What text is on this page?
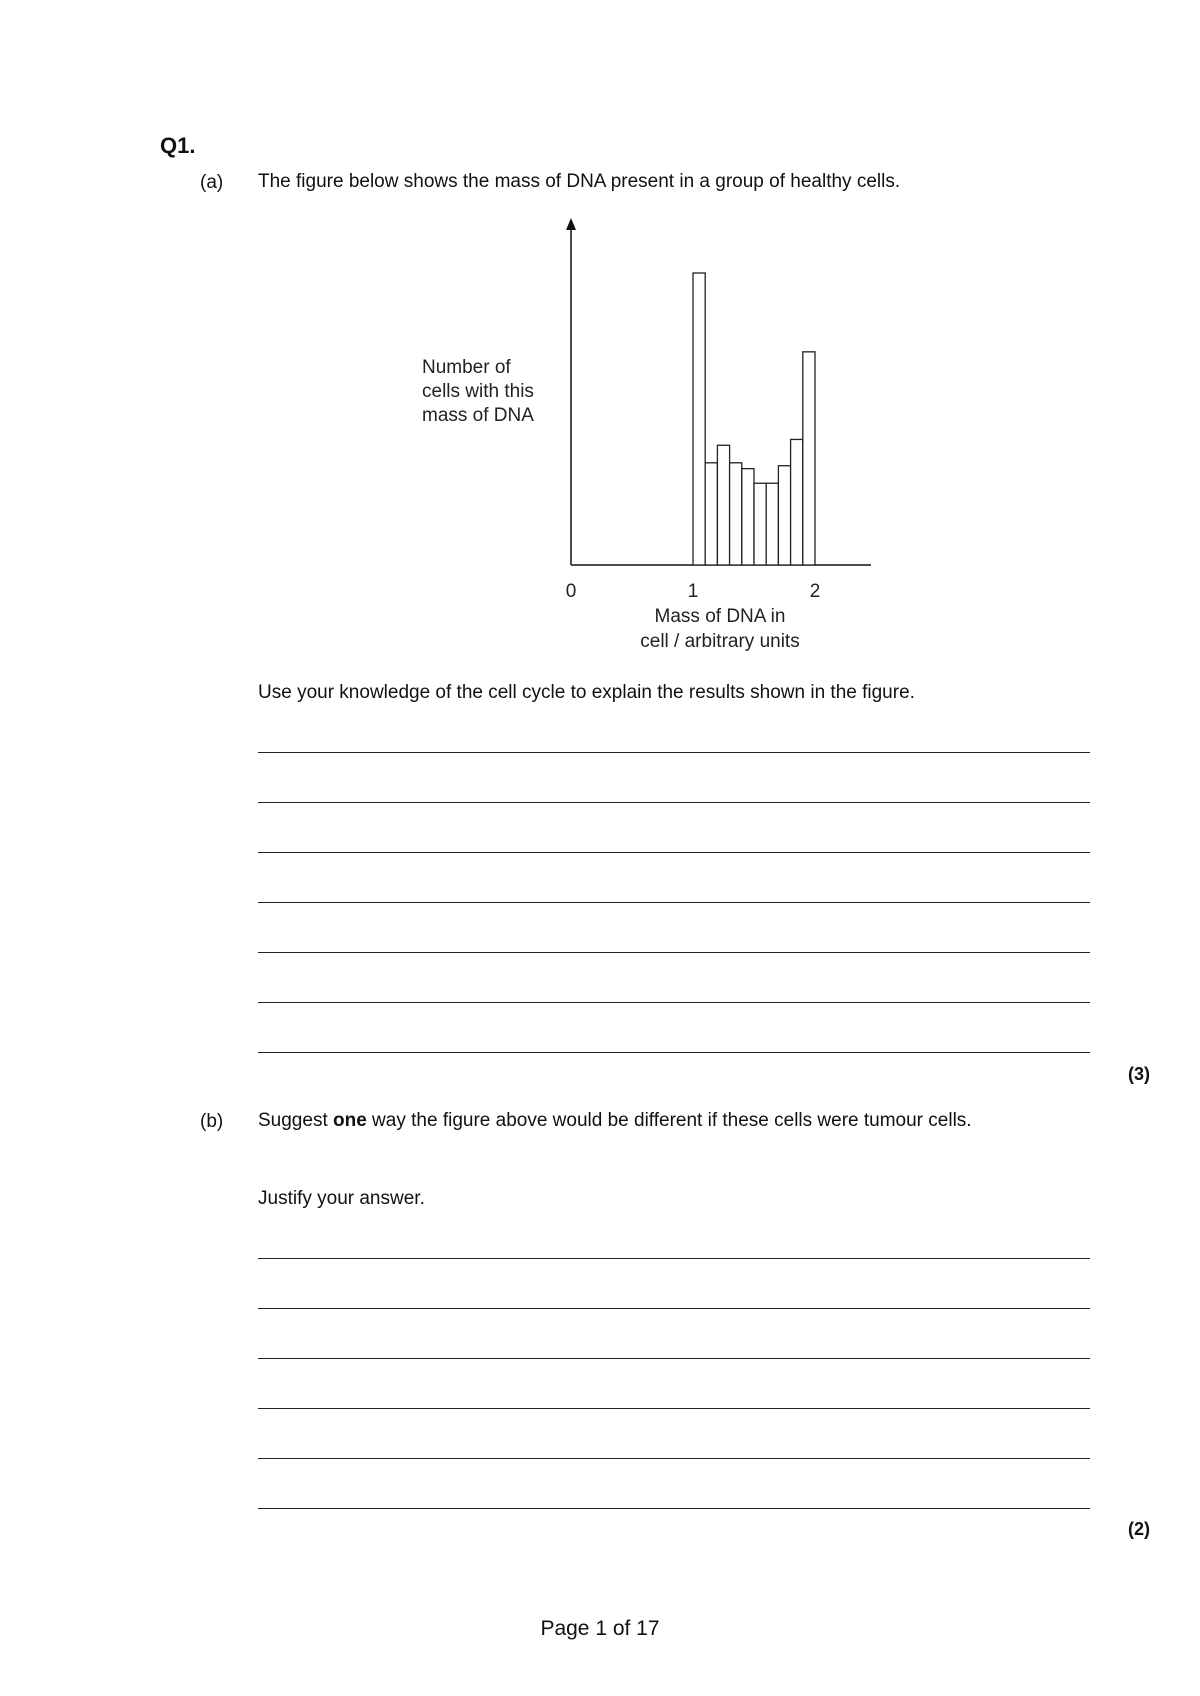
Q1.
(a) The figure below shows the mass of DNA present in a group of healthy cells.
Number of
cells with this
mass of DNA
0	1	2
Mass of DNA in
cell / arbitrary units
Use your knowledge of the cell cycle to explain the results shown in the figure.
(3)
(b) Suggest one way the figure above would be different if these cells were tumour cells.
Justify your answer.
(2)
Page 1 of 17
